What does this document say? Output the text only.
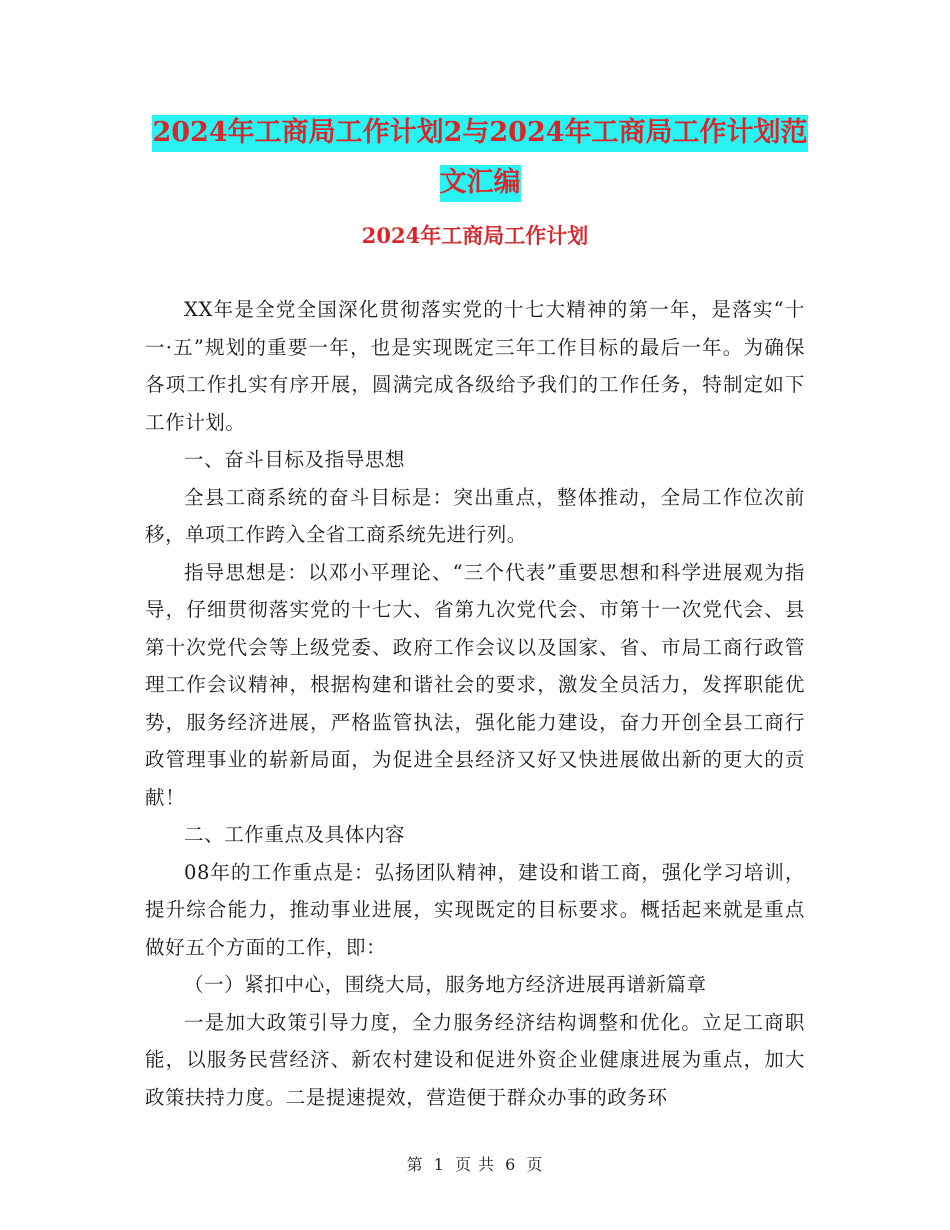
2024年工商局工作计划2与2024年工商局工作计划范
文汇编
2024年工商局工作计划

XX年是全党全国深化贯彻落实党的十七大精神的第一年，是落实“十一·五”规划的重要一年，也是实现既定三年工作目标的最后一年。为确保各项工作扎实有序开展，圆满完成各级给予我们的工作任务，特制定如下工作计划。

一、奋斗目标及指导思想

全县工商系统的奋斗目标是：突出重点，整体推动，全局工作位次前移，单项工作跨入全省工商系统先进行列。

指导思想是：以邓小平理论、“三个代表”重要思想和科学进展观为指导，仔细贯彻落实党的十七大、省第九次党代会、市第十一次党代会、县第十次党代会等上级党委、政府工作会议以及国家、省、市局工商行政管理工作会议精神，根据构建和谐社会的要求，激发全员活力，发挥职能优势，服务经济进展，严格监管执法，强化能力建设，奋力开创全县工商行政管理事业的崭新局面，为促进全县经济又好又快进展做出新的更大的贡献！

二、工作重点及具体内容

08年的工作重点是：弘扬团队精神，建设和谐工商，强化学习培训，提升综合能力，推动事业进展，实现既定的目标要求。概括起来就是重点做好五个方面的工作，即：

（一）紧扣中心，围绕大局，服务地方经济进展再谱新篇章

一是加大政策引导力度，全力服务经济结构调整和优化。立足工商职能，以服务民营经济、新农村建设和促进外资企业健康进展为重点，加大政策扶持力度。二是提速提效，营造便于群众办事的政务环

第 1 页 共 6 页
